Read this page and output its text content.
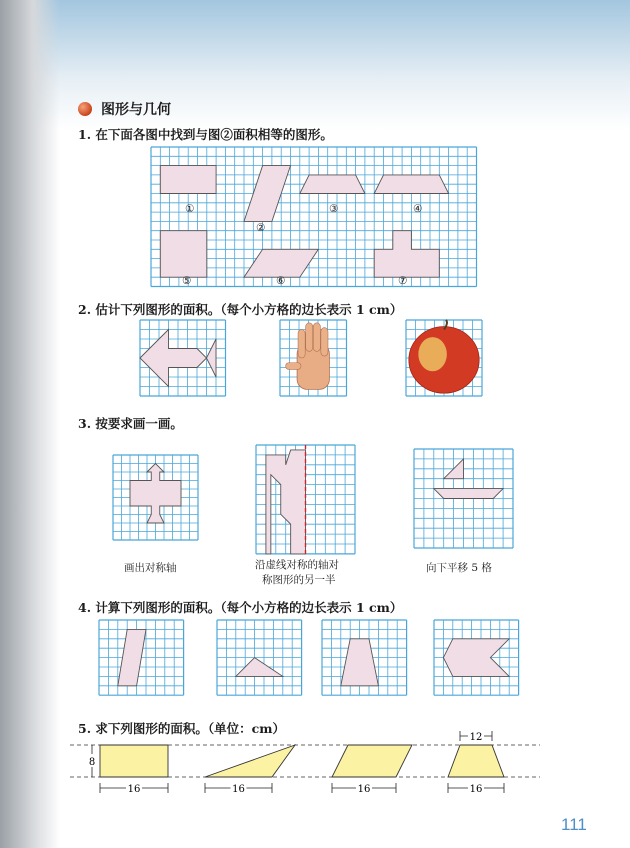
图形与几何
1. 在下面各图中找到与图②面积相等的图形。
①
②
③	④
⑤	⑥	⑦
2. 估计下列图形的面积。（每个小方格的边长表示 1 cm）
3. 按要求画一画。
画出对称轴	沿虚线对称的轴对
称图形的另一半
向下平移 5 格
4. 计算下列图形的面积。（每个小方格的边长表示 1 cm）
5. 求下列图形的面积。（单位：cm）
8
16	16	16	16
12
111
